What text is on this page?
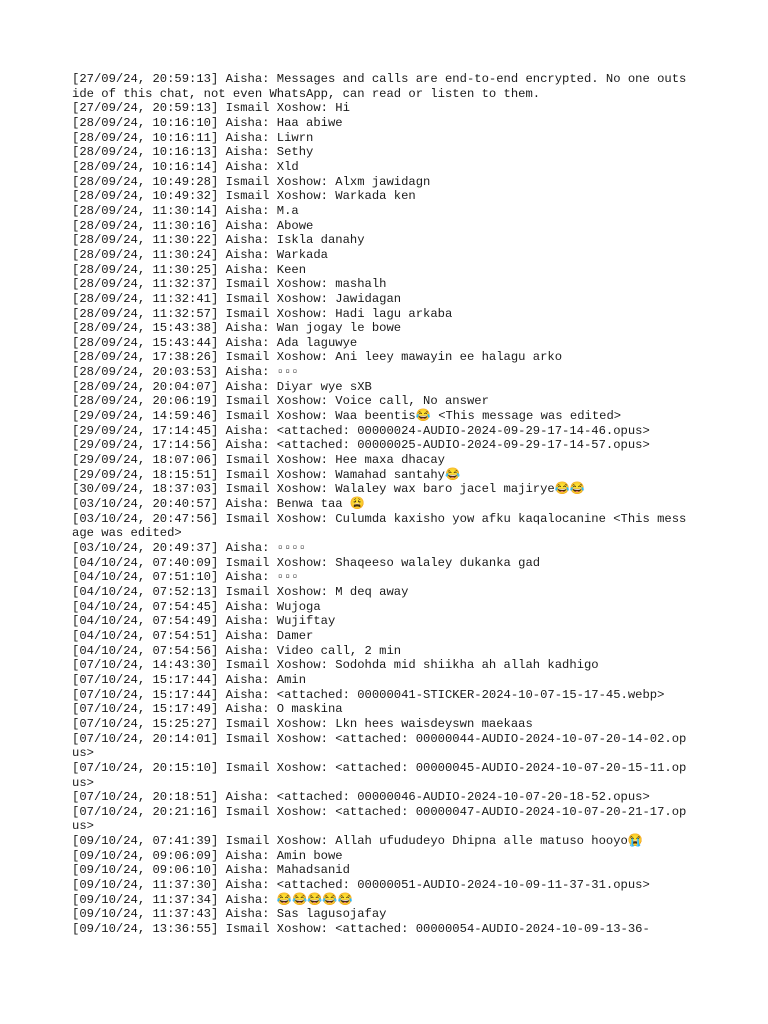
[27/09/24, 20:59:13] Aisha: Messages and calls are end-to-end encrypted. No one outside of this chat, not even WhatsApp, can read or listen to them.
[27/09/24, 20:59:13] Ismail Xoshow: Hi
[28/09/24, 10:16:10] Aisha: Haa abiwe
[28/09/24, 10:16:11] Aisha: Liwrn
[28/09/24, 10:16:13] Aisha: Sethy
[28/09/24, 10:16:14] Aisha: Xld
[28/09/24, 10:49:28] Ismail Xoshow: Alxm jawidagn
[28/09/24, 10:49:32] Ismail Xoshow: Warkada ken
[28/09/24, 11:30:14] Aisha: M.a
[28/09/24, 11:30:16] Aisha: Abowe
[28/09/24, 11:30:22] Aisha: Iskla danahy
[28/09/24, 11:30:24] Aisha: Warkada
[28/09/24, 11:30:25] Aisha: Keen
[28/09/24, 11:32:37] Ismail Xoshow: mashalh
[28/09/24, 11:32:41] Ismail Xoshow: Jawidagan
[28/09/24, 11:32:57] Ismail Xoshow: Hadi lagu arkaba
[28/09/24, 15:43:38] Aisha: Wan jogay le bowe
[28/09/24, 15:43:44] Aisha: Ada laguwye
[28/09/24, 17:38:26] Ismail Xoshow: Ani leey mawayin ee halagu arko
[28/09/24, 20:03:53] Aisha: ▫▫▫
[28/09/24, 20:04:07] Aisha: Diyar wye sXB
[28/09/24, 20:06:19] Ismail Xoshow: Voice call, No answer
[29/09/24, 14:59:46] Ismail Xoshow: Waa beentis😂 <This message was edited>
[29/09/24, 17:14:45] Aisha: <attached: 00000024-AUDIO-2024-09-29-17-14-46.opus>
[29/09/24, 17:14:56] Aisha: <attached: 00000025-AUDIO-2024-09-29-17-14-57.opus>
[29/09/24, 18:07:06] Ismail Xoshow: Hee maxa dhacay
[29/09/24, 18:15:51] Ismail Xoshow: Wamahad santahy😂
[30/09/24, 18:37:03] Ismail Xoshow: Walaley wax baro jacel majirye😂😂
[03/10/24, 20:40:57] Aisha: Benwa taa 😩
[03/10/24, 20:47:56] Ismail Xoshow: Culumda kaxisho yow afku kaqalocanine <This message was edited>
[03/10/24, 20:49:37] Aisha: ▫▫▫▫
[04/10/24, 07:40:09] Ismail Xoshow: Shaqeeso walaley dukanka gad
[04/10/24, 07:51:10] Aisha: ▫▫▫
[04/10/24, 07:52:13] Ismail Xoshow: M deq away
[04/10/24, 07:54:45] Aisha: Wujoga
[04/10/24, 07:54:49] Aisha: Wujiftay
[04/10/24, 07:54:51] Aisha: Damer
[04/10/24, 07:54:56] Aisha: Video call, 2 min
[07/10/24, 14:43:30] Ismail Xoshow: Sodohda mid shiikha ah allah kadhigo
[07/10/24, 15:17:44] Aisha: Amin
[07/10/24, 15:17:44] Aisha: <attached: 00000041-STICKER-2024-10-07-15-17-45.webp>
[07/10/24, 15:17:49] Aisha: O maskina
[07/10/24, 15:25:27] Ismail Xoshow: Lkn hees waisdeyswn maekaas
[07/10/24, 20:14:01] Ismail Xoshow: <attached: 00000044-AUDIO-2024-10-07-20-14-02.opus>
[07/10/24, 20:15:10] Ismail Xoshow: <attached: 00000045-AUDIO-2024-10-07-20-15-11.opus>
[07/10/24, 20:18:51] Aisha: <attached: 00000046-AUDIO-2024-10-07-20-18-52.opus>
[07/10/24, 20:21:16] Ismail Xoshow: <attached: 00000047-AUDIO-2024-10-07-20-21-17.opus>
[09/10/24, 07:41:39] Ismail Xoshow: Allah ufududeyo Dhipna alle matuso hooyo😭
[09/10/24, 09:06:09] Aisha: Amin bowe
[09/10/24, 09:06:10] Aisha: Mahadsanid
[09/10/24, 11:37:30] Aisha: <attached: 00000051-AUDIO-2024-10-09-11-37-31.opus>
[09/10/24, 11:37:34] Aisha: 😂😂😂😂😂
[09/10/24, 11:37:43] Aisha: Sas lagusojafay
[09/10/24, 13:36:55] Ismail Xoshow: <attached: 00000054-AUDIO-2024-10-09-13-36-
